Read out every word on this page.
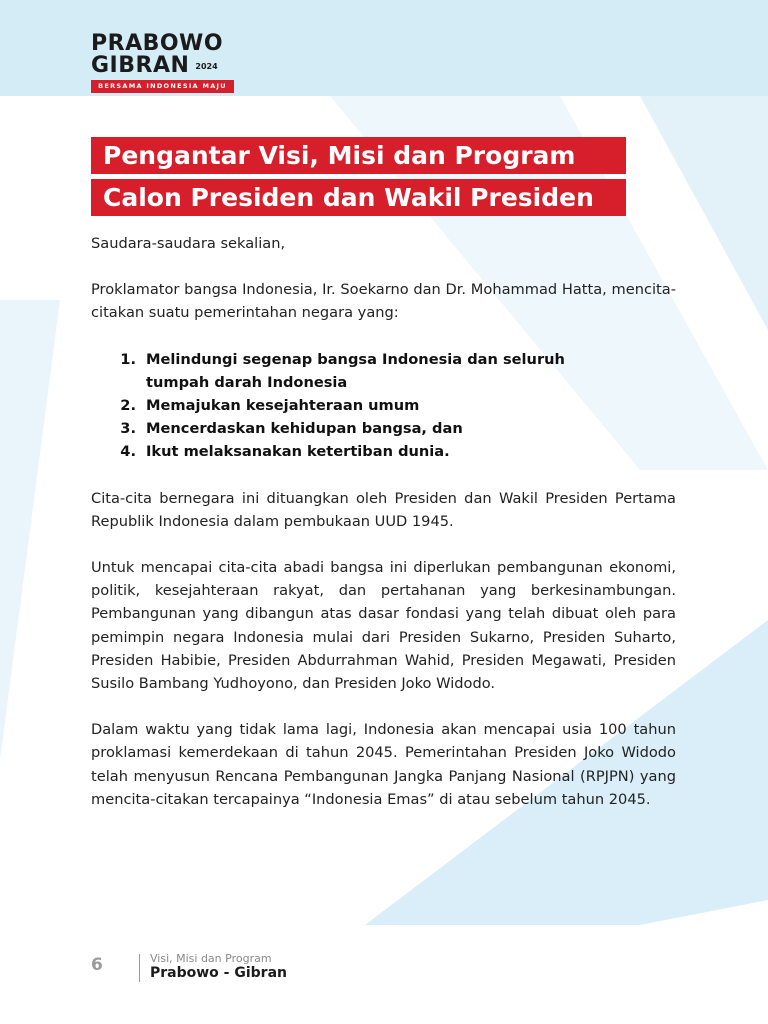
PRABOWO
GIBRAN 2024
BERSAMA INDONESIA MAJU
Pengantar Visi, Misi dan Program
Calon Presiden dan Wakil Presiden

Saudara-saudara sekalian,

Proklamator bangsa Indonesia, Ir. Soekarno dan Dr. Mohammad Hatta, mencita-citakan suatu pemerintahan negara yang:

1. Melindungi segenap bangsa Indonesia dan seluruh tumpah darah Indonesia
2. Memajukan kesejahteraan umum
3. Mencerdaskan kehidupan bangsa, dan
4. Ikut melaksanakan ketertiban dunia.

Cita-cita bernegara ini dituangkan oleh Presiden dan Wakil Presiden Pertama Republik Indonesia dalam pembukaan UUD 1945.

Untuk mencapai cita-cita abadi bangsa ini diperlukan pembangunan ekonomi, politik, kesejahteraan rakyat, dan pertahanan yang berkesinambungan. Pembangunan yang dibangun atas dasar fondasi yang telah dibuat oleh para pemimpin negara Indonesia mulai dari Presiden Sukarno, Presiden Suharto, Presiden Habibie, Presiden Abdurrahman Wahid, Presiden Megawati, Presiden Susilo Bambang Yudhoyono, dan Presiden Joko Widodo.

Dalam waktu yang tidak lama lagi, Indonesia akan mencapai usia 100 tahun proklamasi kemerdekaan di tahun 2045. Pemerintahan Presiden Joko Widodo telah menyusun Rencana Pembangunan Jangka Panjang Nasional (RPJPN) yang mencita-citakan tercapainya “Indonesia Emas” di atau sebelum tahun 2045.

6	Visi, Misi dan Program
Prabowo - Gibran
